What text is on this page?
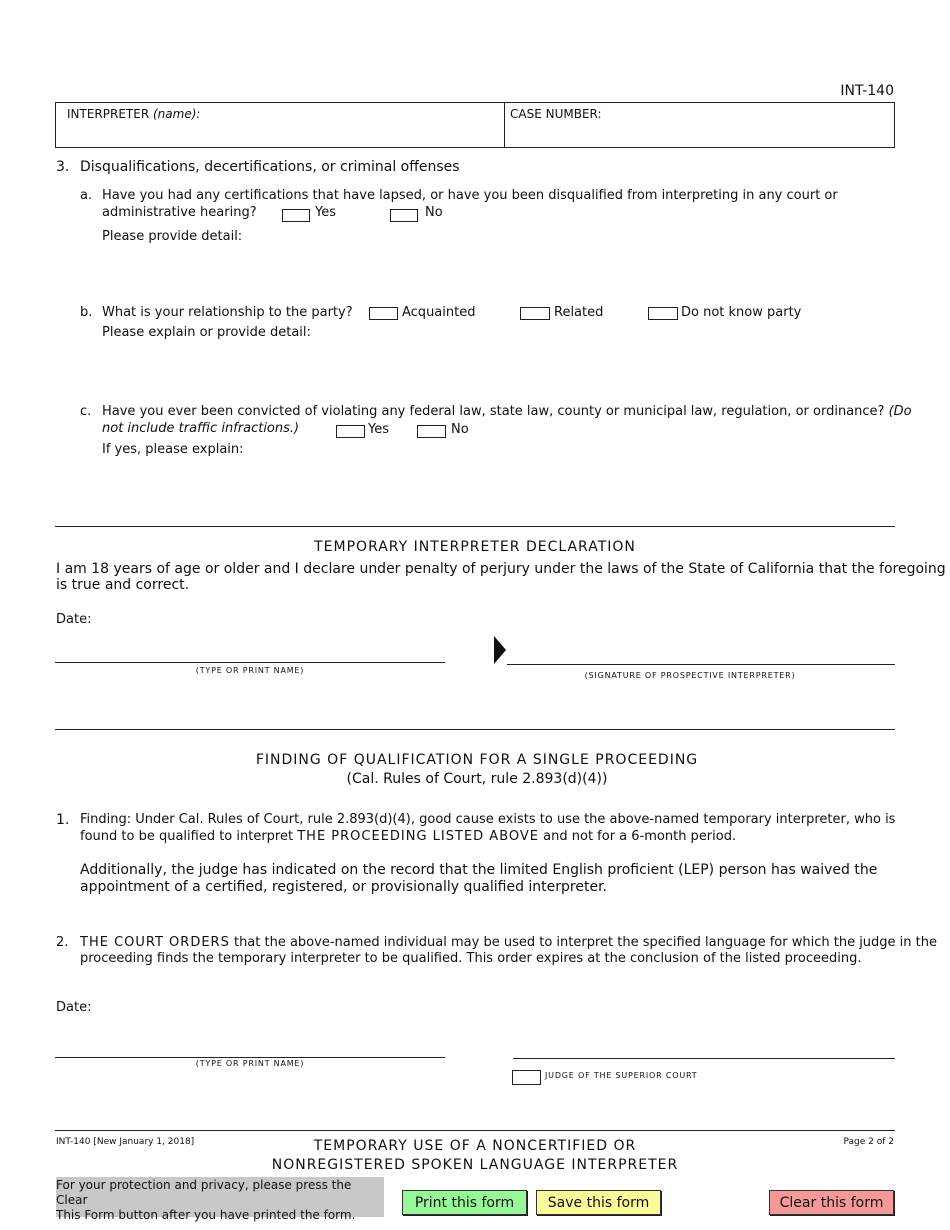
INT-140
INTERPRETER (name):	CASE NUMBER:
3. Disqualifications, decertifications, or criminal offenses
a. Have you had any certifications that have lapsed, or have you been disqualified from interpreting in any court or
administrative hearing?	Yes	No
Please provide detail:
b. What is your relationship to the party?	Acquainted	Related	Do not know party
Please explain or provide detail:
c. Have you ever been convicted of violating any federal law, state law, county or municipal law, regulation, or ordinance? (Do
not include traffic infractions.)	Yes	No
If yes, please explain:
TEMPORARY INTERPRETER DECLARATION
I am 18 years of age or older and I declare under penalty of perjury under the laws of the State of California that the foregoing
is true and correct.
Date:
(TYPE OR PRINT NAME)
(SIGNATURE OF PROSPECTIVE INTERPRETER)
FINDING OF QUALIFICATION FOR A SINGLE PROCEEDING
(Cal. Rules of Court, rule 2.893(d)(4))
1. Finding: Under Cal. Rules of Court, rule 2.893(d)(4), good cause exists to use the above-named temporary interpreter, who is
found to be qualified to interpret THE PROCEEDING LISTED ABOVE and not for a 6-month period.
Additionally, the judge has indicated on the record that the limited English proficient (LEP) person has waived the
appointment of a certified, registered, or provisionally qualified interpreter.
2. THE COURT ORDERS that the above-named individual may be used to interpret the specified language for which the judge in the
proceeding finds the temporary interpreter to be qualified. This order expires at the conclusion of the listed proceeding.
Date:
(TYPE OR PRINT NAME)
JUDGE OF THE SUPERIOR COURT
INT-140 [New January 1, 2018]	TEMPORARY USE OF A NONCERTIFIED OR
NONREGISTERED SPOKEN LANGUAGE INTERPRETER
Page 2 of 2
For your protection and privacy, please press the Clear
This Form button after you have printed the form.
Print this form	Save this form	Clear this form
